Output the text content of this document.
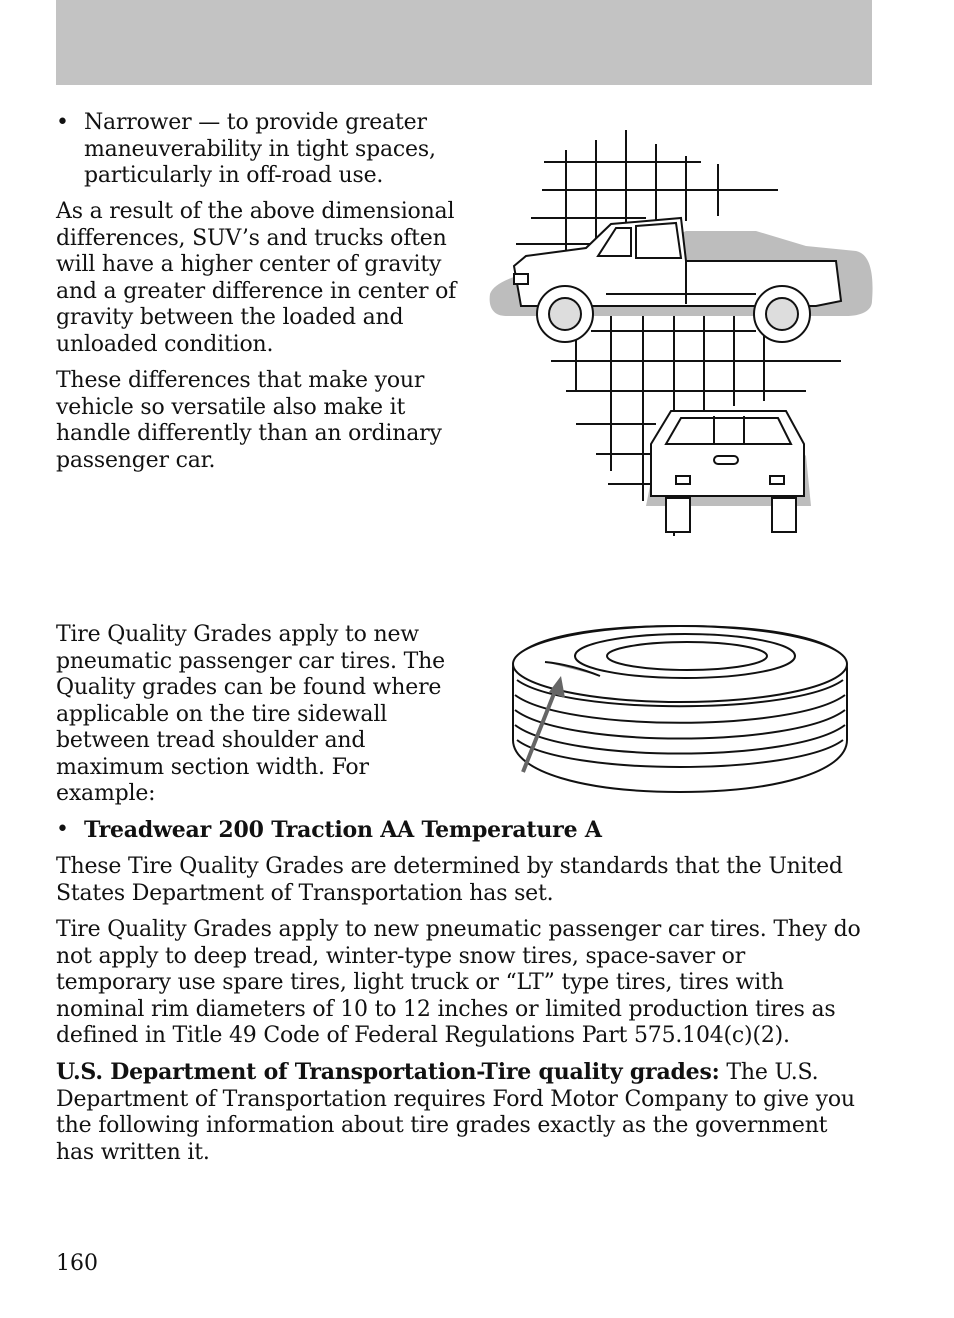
• Narrower — to provide greater
maneuverability in tight spaces,
particularly in off-road use.
As a result of the above dimensional
differences, SUV’s and trucks often
will have a higher center of gravity
and a greater difference in center of
gravity between the loaded and
unloaded condition.
These differences that make your
vehicle so versatile also make it
handle differently than an ordinary
passenger car.
Tire Quality Grades apply to new
pneumatic passenger car tires. The
Quality grades can be found where
applicable on the tire sidewall
between tread shoulder and
maximum section width. For
example:
• Treadwear 200 Traction AA Temperature A
These Tire Quality Grades are determined by standards that the United
States Department of Transportation has set.
Tire Quality Grades apply to new pneumatic passenger car tires. They do
not apply to deep tread, winter-type snow tires, space-saver or
temporary use spare tires, light truck or “LT” type tires, tires with
nominal rim diameters of 10 to 12 inches or limited production tires as
defined in Title 49 Code of Federal Regulations Part 575.104(c)(2).
U.S. Department of Transportation-Tire quality grades: The U.S.
Department of Transportation requires Ford Motor Company to give you
the following information about tire grades exactly as the government
has written it.
160
